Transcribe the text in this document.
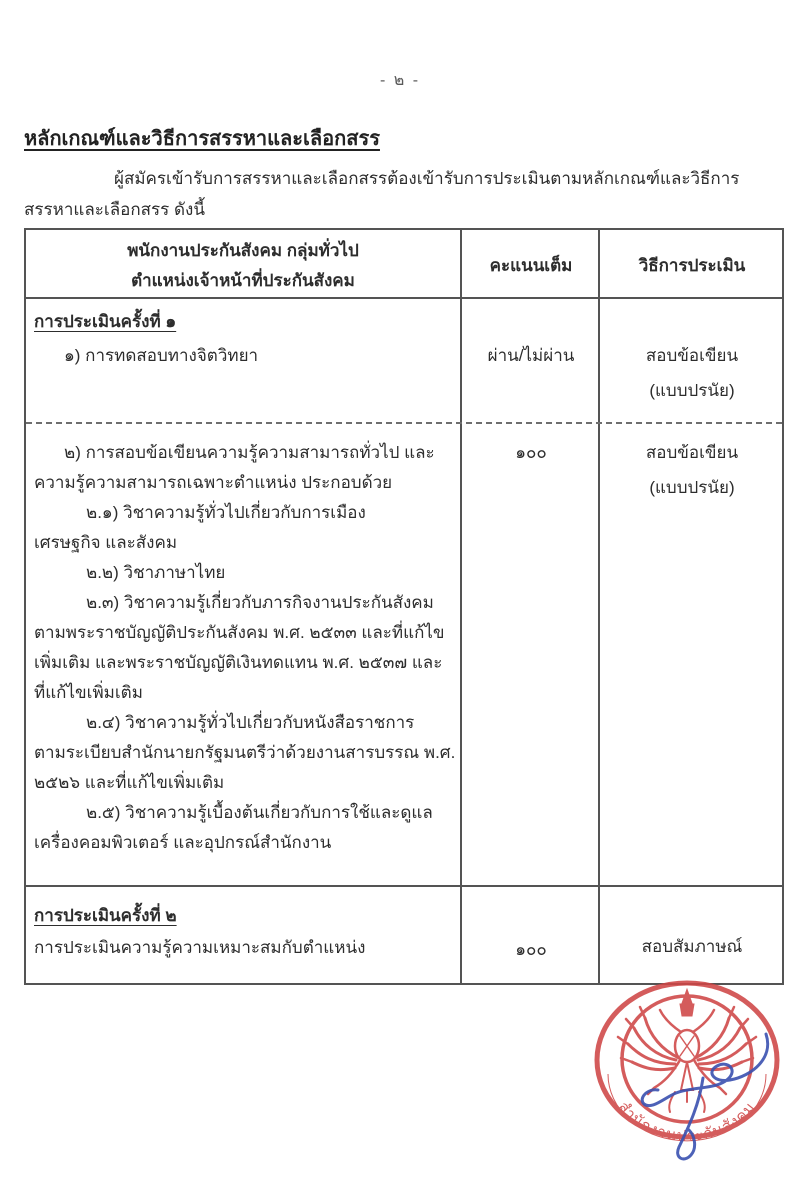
- ๒ -
หลักเกณฑ์และวิธีการสรรหาและเลือกสรร
ผู้สมัครเข้ารับการสรรหาและเลือกสรรต้องเข้ารับการประเมินตามหลักเกณฑ์และวิธีการ
สรรหาและเลือกสรร ดังนี้
พนักงานประกันสังคม กลุ่มทั่วไป
ตำแหน่งเจ้าหน้าที่ประกันสังคม
คะแนนเต็ม	วิธีการประเมิน
การประเมินครั้งที่ ๑
๑) การทดสอบทางจิตวิทยา	ผ่าน/ไม่ผ่าน	สอบข้อเขียน
(แบบปรนัย)
๒) การสอบข้อเขียนความรู้ความสามารถทั่วไป และ
ความรู้ความสามารถเฉพาะตำแหน่ง ประกอบด้วย
๒.๑) วิชาความรู้ทั่วไปเกี่ยวกับการเมือง
เศรษฐกิจ และสังคม
๒.๒) วิชาภาษาไทย
๒.๓) วิชาความรู้เกี่ยวกับภารกิจงานประกันสังคม
ตามพระราชบัญญัติประกันสังคม พ.ศ. ๒๕๓๓ และที่แก้ไข
เพิ่มเติม และพระราชบัญญัติเงินทดแทน พ.ศ. ๒๕๓๗ และ
ที่แก้ไขเพิ่มเติม
๒.๔) วิชาความรู้ทั่วไปเกี่ยวกับหนังสือราชการ
ตามระเบียบสำนักนายกรัฐมนตรีว่าด้วยงานสารบรรณ พ.ศ.
๒๕๒๖ และที่แก้ไขเพิ่มเติม
๒.๕) วิชาความรู้เบื้องต้นเกี่ยวกับการใช้และดูแล
เครื่องคอมพิวเตอร์ และอุปกรณ์สำนักงาน
๑๐๐	สอบข้อเขียน
(แบบปรนัย)
การประเมินครั้งที่ ๒
การประเมินความรู้ความเหมาะสมกับตำแหน่ง	๑๐๐	สอบสัมภาษณ์
สำนักงานประกันสังคม
